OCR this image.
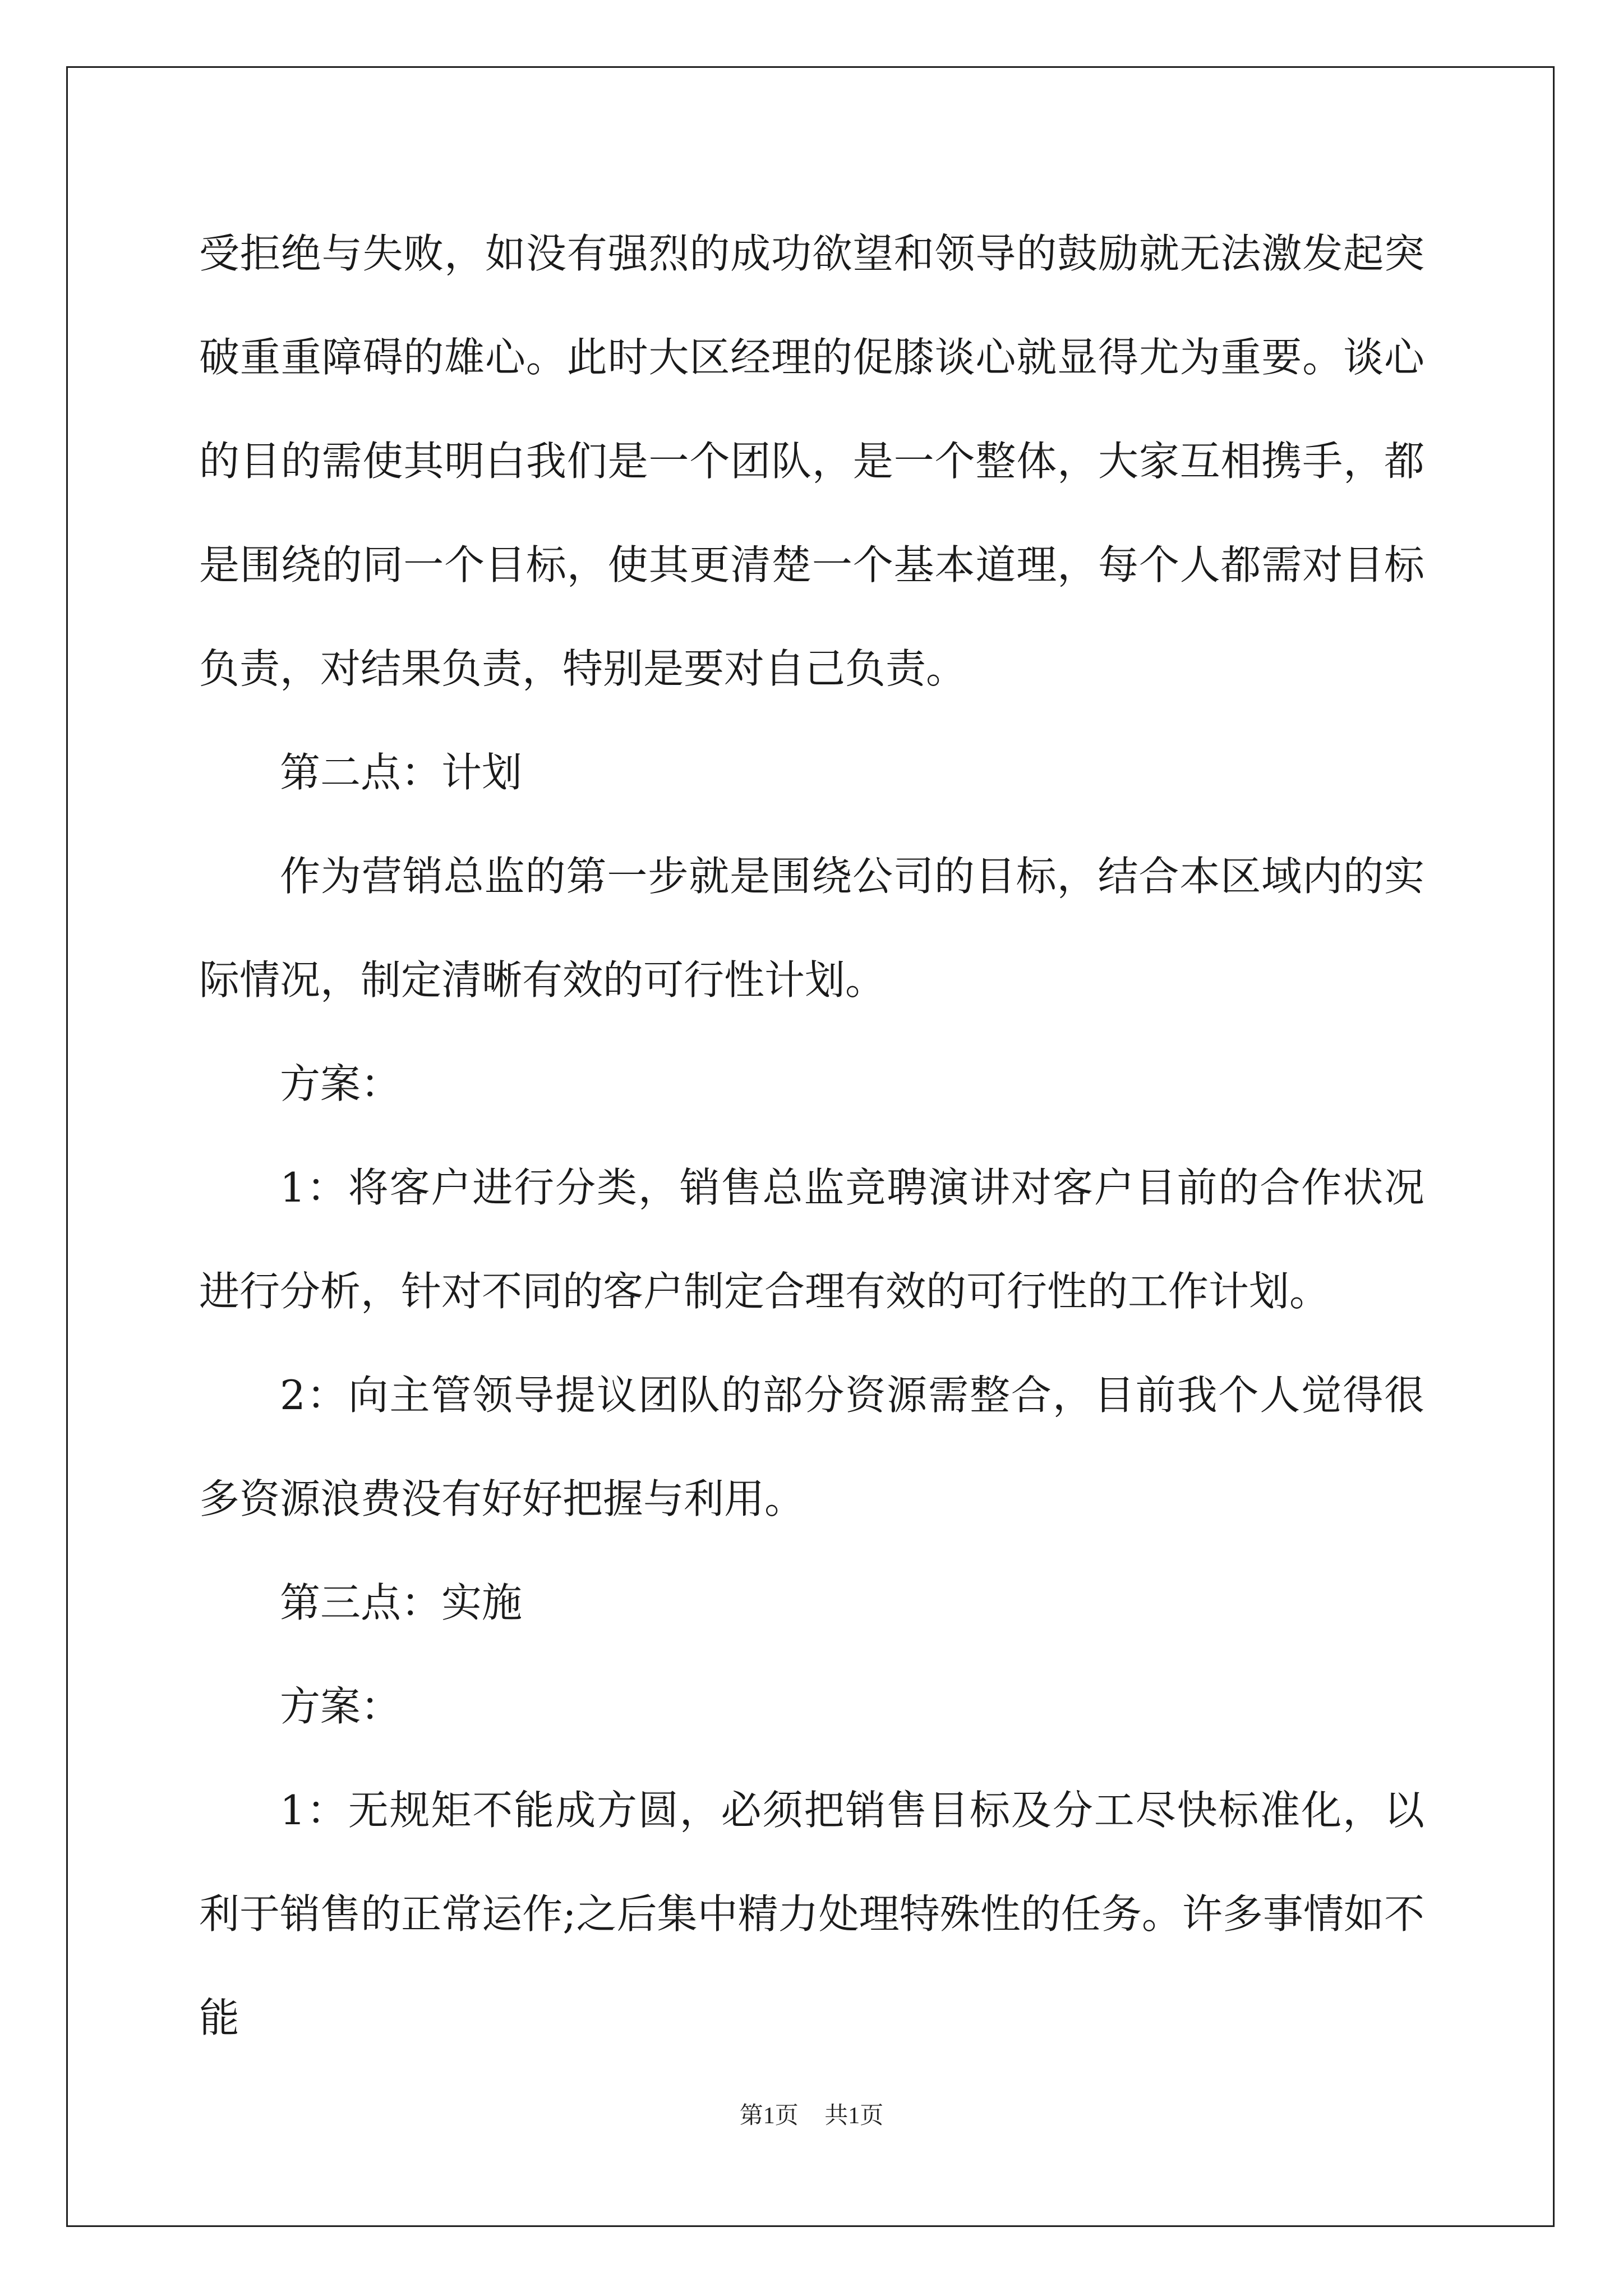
受拒绝与失败，如没有强烈的成功欲望和领导的鼓励就无法激发起突破重重障碍的雄心。此时大区经理的促膝谈心就显得尤为重要。谈心的目的需使其明白我们是一个团队，是一个整体，大家互相携手，都是围绕的同一个目标，使其更清楚一个基本道理，每个人都需对目标负责，对结果负责，特别是要对自己负责。

第二点：计划

作为营销总监的第一步就是围绕公司的目标，结合本区域内的实际情况，制定清晰有效的可行性计划。

方案：

1：将客户进行分类，销售总监竞聘演讲对客户目前的合作状况进行分析，针对不同的客户制定合理有效的可行性的工作计划。

2：向主管领导提议团队的部分资源需整合，目前我个人觉得很多资源浪费没有好好把握与利用。

第三点：实施

方案：

1：无规矩不能成方圆，必须把销售目标及分工尽快标准化，以利于销售的正常运作;之后集中精力处理特殊性的任务。许多事情如不能

第1页 共1页
